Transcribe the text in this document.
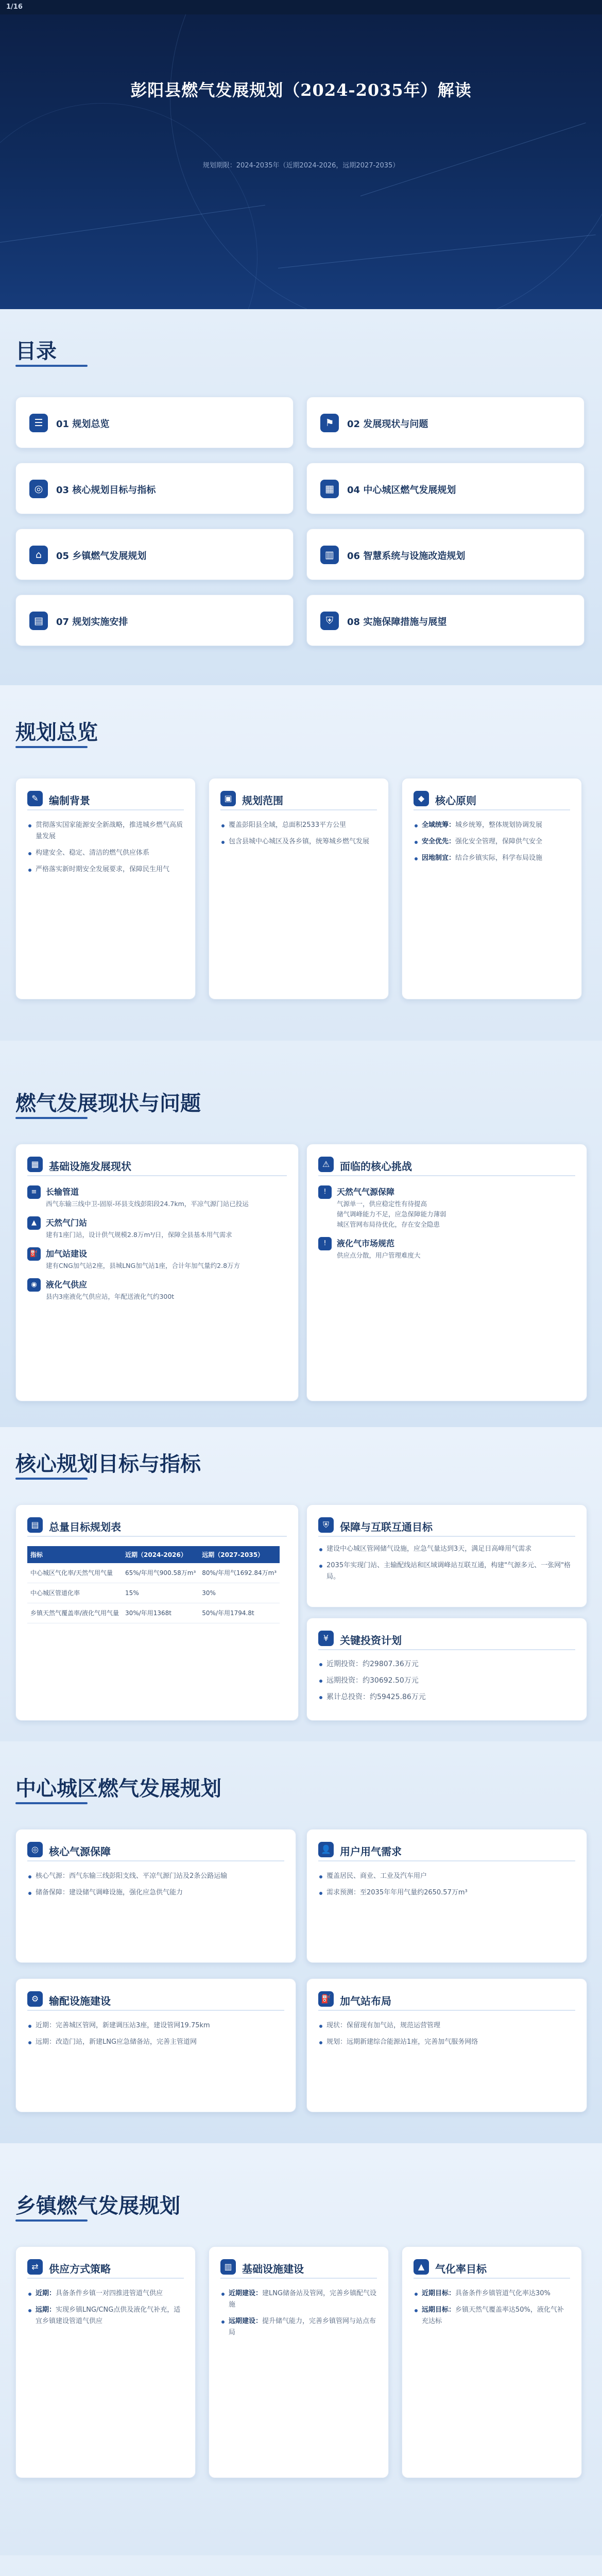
彭阳县燃气发展规划（2024-2035年）解读
规划期限：2024-2035年（近期2024-2026，远期2027-2035）
1/16
目录
☰	01 规划总览	⚑	02 发展现状与问题
◎	03 核心规划目标与指标	▦	04 中心城区燃气发展规划
⌂	05 乡镇燃气发展规划	▥	06 智慧系统与设施改造规划
▤	07 规划实施安排	⛨	08 实施保障措施与展望
规划总览
✎	编制背景
贯彻落实国家能源安全新战略，推进城乡燃气高质量发展
构建安全、稳定、清洁的燃气供应体系
严格落实新时期安全发展要求，保障民生用气
▣ 规划范围
覆盖彭阳县全域，总面积2533平方公里
包含县城中心城区及各乡镇，统筹城乡燃气发展
◆	核心原则
全域统筹：城乡统筹，整体规划协调发展
安全优先：强化安全管理，保障供气安全
因地制宜：结合乡镇实际，科学布局设施
燃气发展现状与问题
▦ 基础设施发展现状
≡	长输管道
西气东输三线中卫-固原-环县支线彭阳段24.7km，平凉气源门站已投运
▲	天然气门站
建有1座门站，设计供气规模2.8万m³/日，保障全县基本用气需求
⛽ 加气站建设
建有CNG加气站2座，县城LNG加气站1座，合计年加气量约2.8万方
◉	液化气供应
县内3座液化气供应站，年配送液化气约300t
⚠ 面临的核心挑战
!	天然气气源保障
气源单一，供应稳定性有待提高
储气调峰能力不足，应急保障能力薄弱
城区管网布局待优化，存在安全隐患
!	液化气市场规范
供应点分散，用户管理难度大
核心规划目标与指标
▤ 总量目标规划表
指标	近期（2024-2026）	远期（2027-2035）
中心城区气化率/天然气用气量	65%/年用气900.58万m³	80%/年用气1692.84万m³
中心城区管道化率	15%	30%
乡镇天然气覆盖率/液化气用气量	30%/年用1368t	50%/年用1794.8t
⛨	保障与互联互通目标
建设中心城区管网储气设施，应急气量达到3天，满足日高峰用气需求
2035年实现门站、主输配线站和区域调峰站互联互通，构建"气源多元、一张网"格局。
¥	关键投资计划
近期投资：约29807.36万元
远期投资：约30692.50万元
累计总投资：约59425.86万元
中心城区燃气发展规划
◎	核心气源保障
核心气源：西气东输三线彭阳支线、平凉气源门站及2条公路运输
储备保障：建设储气调峰设施，强化应急供气能力
👤 用户用气需求
覆盖居民、商业、工业及汽车用户
需求预测：至2035年年用气量约2650.57万m³
⚙ 输配设施建设
近期：完善城区管网，新建调压站3座，建设管网19.75km
远期：改造门站，新建LNG应急储备站，完善主管道网
⛽ 加气站布局
现状：保留现有加气站，规范运营管理
规划：远期新建综合能源站1座，完善加气服务网络
乡镇燃气发展规划
⇄	供应方式策略
近期：具备条件乡镇一对四推进管道气供应
远期：实现乡镇LNG/CNG点供及液化气补充，适宜乡镇建设管道气供应
▥ 基础设施建设
近期建设：建LNG储备站及管网，完善乡镇配气设施
远期建设：提升储气能力，完善乡镇管网与站点布局
▲	气化率目标
近期目标：具备条件乡镇管道气化率达30%
远期目标：乡镇天然气覆盖率达50%，液化气补充达标
